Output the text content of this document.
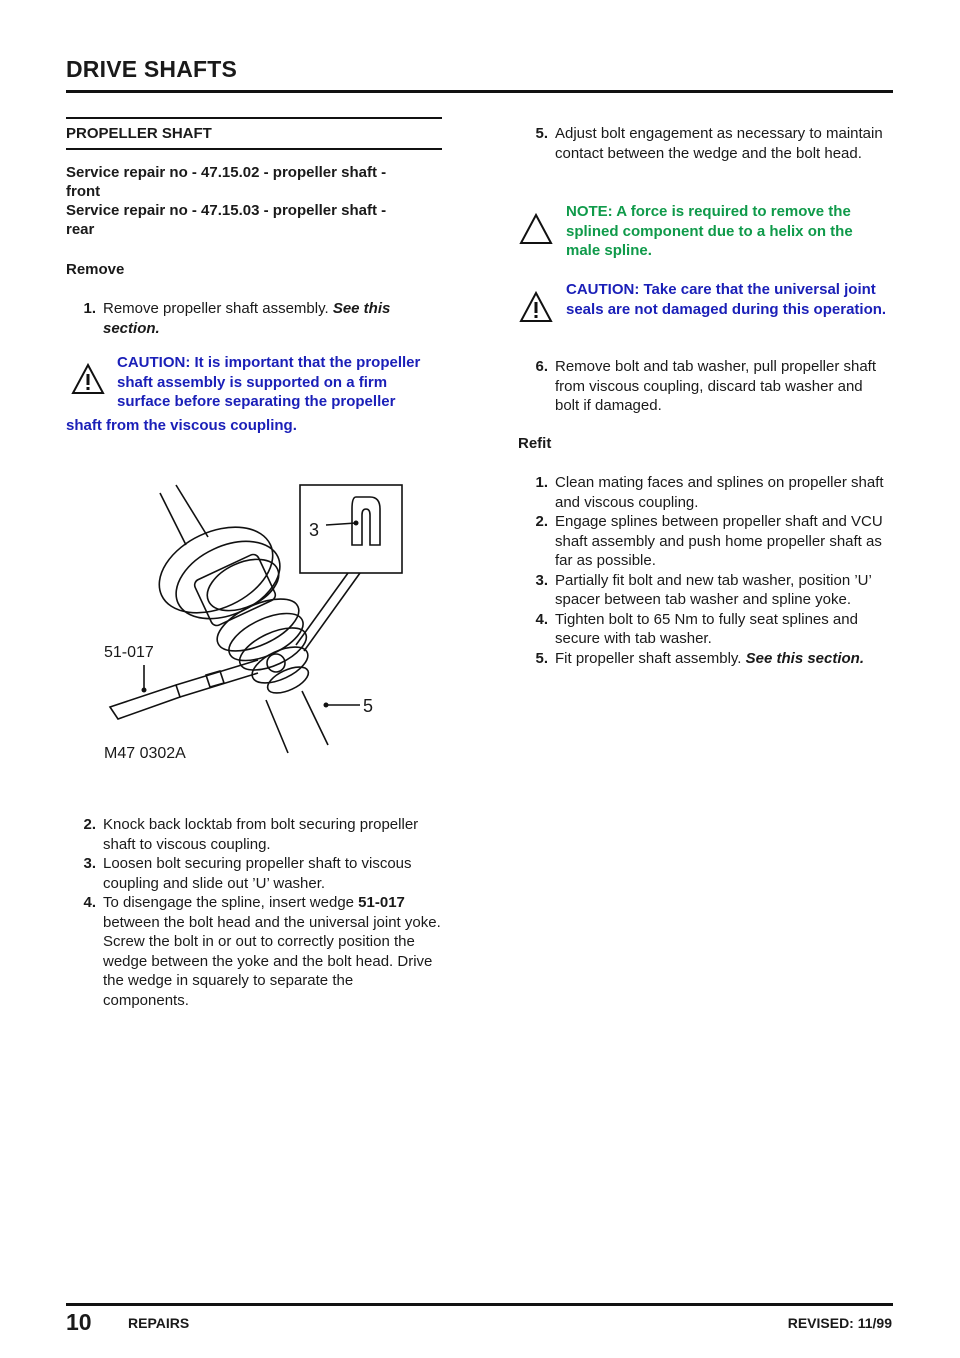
DRIVE SHAFTS
PROPELLER SHAFT
Service repair no - 47.15.02 - propeller shaft -
front
Service repair no - 47.15.03 - propeller shaft -
rear
Remove
1. Remove propeller shaft assembly. See this
section.
CAUTION: It is important that the propeller
shaft assembly is supported on a firm
surface before separating the propeller
shaft from the viscous coupling.
51-017
3
5
M47 0302A
2. Knock back locktab from bolt securing propeller shaft to viscous coupling.
3. Loosen bolt securing propeller shaft to viscous coupling and slide out ’U’ washer.
4. To disengage the spline, insert wedge 51-017 between the bolt head and the universal joint yoke. Screw the bolt in or out to correctly position the wedge between the yoke and the bolt head. Drive the wedge in squarely to separate the components.
5. Adjust bolt engagement as necessary to maintain contact between the wedge and the bolt head.
NOTE: A force is required to remove the splined component due to a helix on the male spline.
CAUTION: Take care that the universal joint seals are not damaged during this operation.
6. Remove bolt and tab washer, pull propeller shaft from viscous coupling, discard tab washer and bolt if damaged.
Refit
1. Clean mating faces and splines on propeller shaft and viscous coupling.
2. Engage splines between propeller shaft and VCU shaft assembly and push home propeller shaft as far as possible.
3. Partially fit bolt and new tab washer, position ’U’ spacer between tab washer and spline yoke.
4. Tighten bolt to 65 Nm to fully seat splines and secure with tab washer.
5. Fit propeller shaft assembly. See this section.
10	REPAIRS	REVISED: 11/99
